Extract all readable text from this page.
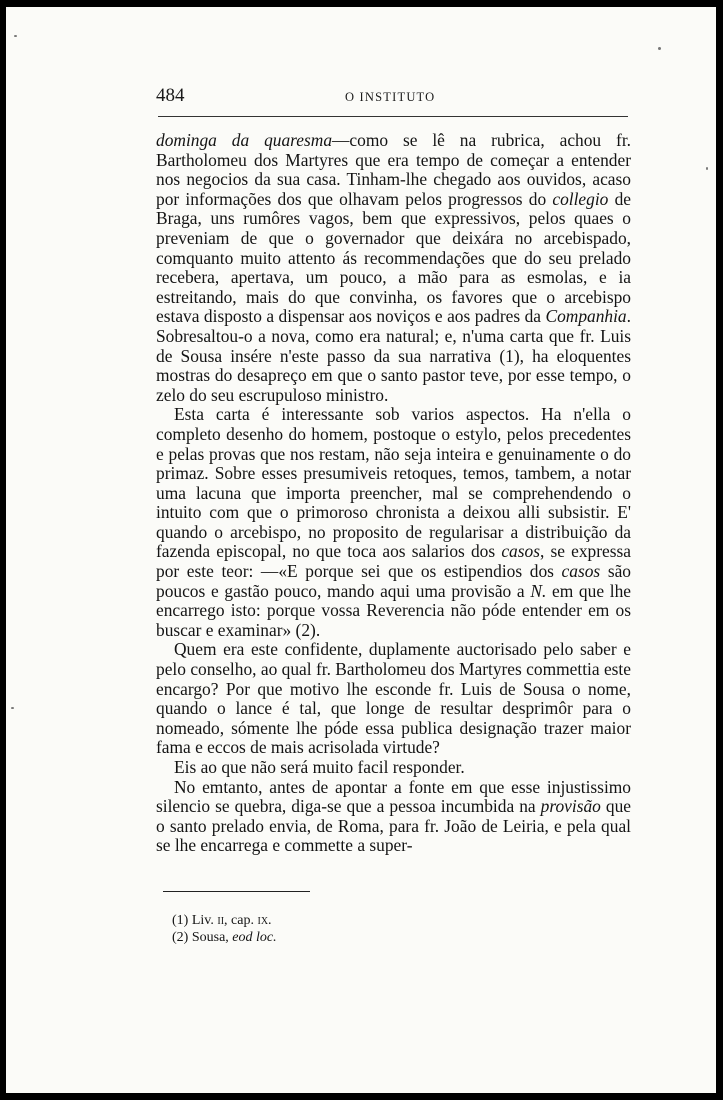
484	O INSTITUTO

dominga da quaresma—como se lê na rubrica, achou fr. Bartholomeu dos Martyres que era tempo de começar a entender nos negocios da sua casa. Tinham-lhe chegado aos ouvidos, acaso por informações dos que olhavam pelos progressos do collegio de Braga, uns rumôres vagos, bem que expressivos, pelos quaes o preveniam de que o governador que deixára no arcebispado, comquanto muito attento ás recommendações que do seu prelado recebera, apertava, um pouco, a mão para as esmolas, e ia estreitando, mais do que convinha, os favores que o arcebispo estava disposto a dispensar aos noviços e aos padres da Companhia. Sobresaltou-o a nova, como era natural; e, n'uma carta que fr. Luis de Sousa insére n'este passo da sua narrativa (1), ha eloquentes mostras do desapreço em que o santo pastor teve, por esse tempo, o zelo do seu escrupuloso ministro.

Esta carta é interessante sob varios aspectos. Ha n'ella o completo desenho do homem, postoque o estylo, pelos precedentes e pelas provas que nos restam, não seja inteira e genuinamente o do primaz. Sobre esses presumiveis retoques, temos, tambem, a notar uma lacuna que importa preencher, mal se comprehendendo o intuito com que o primoroso chronista a deixou alli subsistir. E' quando o arcebispo, no proposito de regularisar a distribuição da fazenda episcopal, no que toca aos salarios dos casos, se expressa por este teor: —«E porque sei que os estipendios dos casos são poucos e gastão pouco, mando aqui uma provisão a N. em que lhe encarrego isto: porque vossa Reverencia não póde entender em os buscar e examinar» (2).

Quem era este confidente, duplamente auctorisado pelo saber e pelo conselho, ao qual fr. Bartholomeu dos Martyres commettia este encargo? Por que motivo lhe esconde fr. Luis de Sousa o nome, quando o lance é tal, que longe de resultar desprimôr para o nomeado, sómente lhe póde essa publica designação trazer maior fama e eccos de mais acrisolada virtude?

Eis ao que não será muito facil responder.

No emtanto, antes de apontar a fonte em que esse injustissimo silencio se quebra, diga-se que a pessoa incumbida na provisão que o santo prelado envia, de Roma, para fr. João de Leiria, e pela qual se lhe encarrega e commette a super-

(1) Liv. ii, cap. ix.
(2) Sousa, eod loc.
